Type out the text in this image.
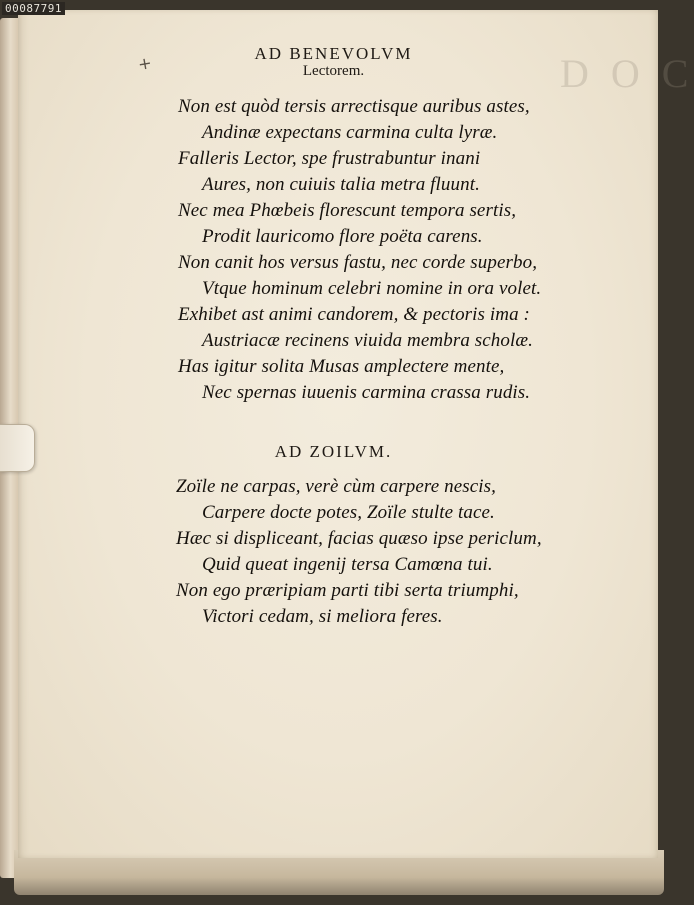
D O C
00087791
✕
AD BENEVOLVM
Lectorem.
Non est quòd tersis arrectisque auribus astes,
Andinæ expectans carmina culta lyræ.
Falleris Lector, spe frustrabuntur inani
Aures, non cuiuis talia metra fluunt.
Nec mea Phœbeis florescunt tempora sertis,
Prodit lauricomo flore poëta carens.
Non canit hos versus fastu, nec corde superbo,
Vtque hominum celebri nomine in ora volet.
Exhibet ast animi candorem, & pectoris ima :
Austriacæ recinens viuida membra scholæ.
Has igitur solita Musas amplectere mente,
Nec spernas iuuenis carmina crassa rudis.
AD ZOILVM.
Zoïle ne carpas, verè cùm carpere nescis,
Carpere docte potes, Zoïle stulte tace.
Hæc si displiceant, facias quæso ipse periclum,
Quid queat ingenij tersa Camœna tui.
Non ego præripiam parti tibi serta triumphi,
Victori cedam, si meliora feres.
